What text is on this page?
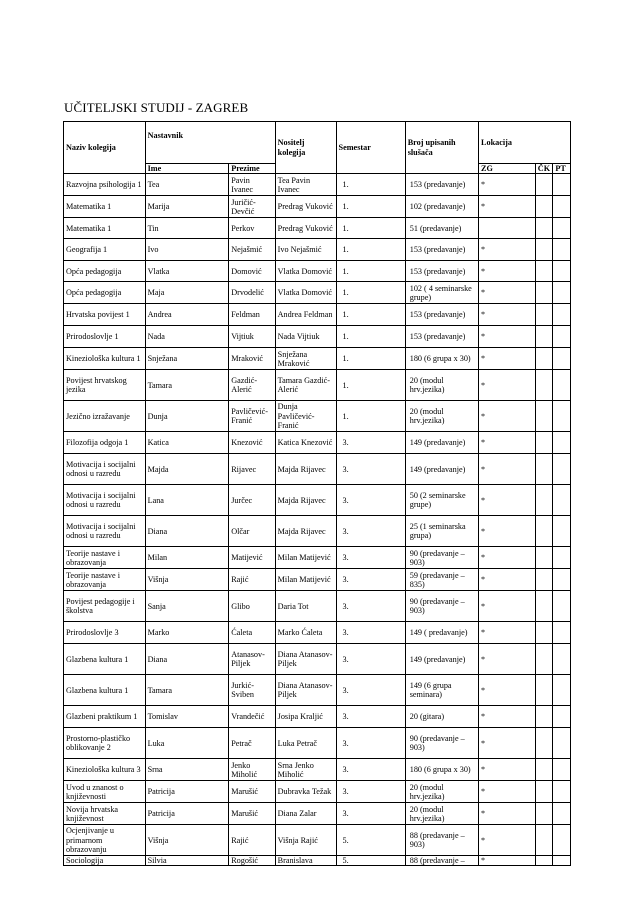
UČITELJSKI STUDIJ - ZAGREB
Naziv kolegija	Nastavnik		Nositelj kolegija	Semestar	Broj upisanih slušača	Lokacija		
	Ime	Prezime				ZG	ČK	PT
Razvojna psihologija 1	Tea	Pavin Ivanec	Tea Pavin Ivanec	1.	153 (predavanje)	*		
Matematika 1	Marija	Juričić-Devčić	Predrag Vuković	1.	102 (predavanje)	*		
Matematika 1	Tin	Perkov	Predrag Vuković	1.	51 (predavanje)			
Geografija 1	Ivo	Nejašmić	Ivo Nejašmić	1.	153 (predavanje)	*		
Opća pedagogija	Vlatka	Domović	Vlatka Domović	1.	153 (predavanje)	*		
Opća pedagogija	Maja	Drvodelić	Vlatka Domović	1.	102 ( 4 seminarske grupe)	*		
Hrvatska povijest 1	Andrea	Feldman	Andrea Feldman	1.	153 (predavanje)	*		
Prirodoslovlje 1	Nada	Vijtiuk	Nada Vijtiuk	1.	153 (predavanje)	*		
Kineziološka kultura 1	Snježana	Mraković	Snježana Mraković	1.	180 (6 grupa x 30)	*		
Povijest hrvatskog jezika	Tamara	Gazdić-Alerić	Tamara Gazdić-Alerić	1.	20 (modul hrv.jezika)	*		
Jezično izražavanje	Dunja	Pavličević-Franić	Dunja Pavličević-Franić	1.	20 (modul hrv.jezika)	*		
Filozofija odgoja 1	Katica	Knezović	Katica Knezović	3.	149 (predavanje)	*		
Motivacija i socijalni odnosi u razredu	Majda	Rijavec	Majda Rijavec	3.	149 (predavanje)	*		
Motivacija i socijalni odnosi u razredu	Lana	Jurčec	Majda Rijavec	3.	50 (2 seminarske grupe)	*		
Motivacija i socijalni odnosi u razredu	Diana	Olčar	Majda Rijavec	3.	25 (1 seminarska grupa)	*		
Teorije nastave i obrazovanja	Milan	Matijević	Milan Matijević	3.	90 (predavanje – 903)	*		
Teorije nastave i obrazovanja	Višnja	Rajić	Milan Matijević	3.	59 (predavanje – 835)	*		
Povijest pedagogije i školstva	Sanja	Glibo	Daria Tot	3.	90 (predavanje – 903)	*		
Prirodoslovlje 3	Marko	Ćaleta	Marko Ćaleta	3.	149 ( predavanje)	*		
Glazbena kultura 1	Diana	Atanasov-Piljek	Diana Atanasov-Piljek	3.	149 (predavanje)	*		
Glazbena kultura 1	Tamara	Jurkić-Sviben	Diana Atanasov-Piljek	3.	149 (6 grupa seminara)	*		
Glazbeni praktikum 1	Tomislav	Vrandečić	Josipa Kraljić	3.	20 (gitara)	*		
Prostorno-plastičko oblikovanje 2	Luka	Petrač	Luka Petrač	3.	90 (predavanje – 903)	*		
Kineziološka kultura 3	Srna	Jenko Miholić	Srna Jenko Miholić	3.	180 (6 grupa x 30)	*		
Uvod u znanost o književnosti	Patricija	Marušić	Dubravka Težak	3.	20 (modul hrv.jezika)	*		
Novija hrvatska književnost	Patricija	Marušić	Diana Zalar	3.	20 (modul hrv.jezika)	*		
Ocjenjivanje u primarnom obrazovanju	Višnja	Rajić	Višnja Rajić	5.	88 (predavanje – 903)	*		
Sociologija	Silvia	Rogošić	Branislava	5.	88 (predavanje –	*		
